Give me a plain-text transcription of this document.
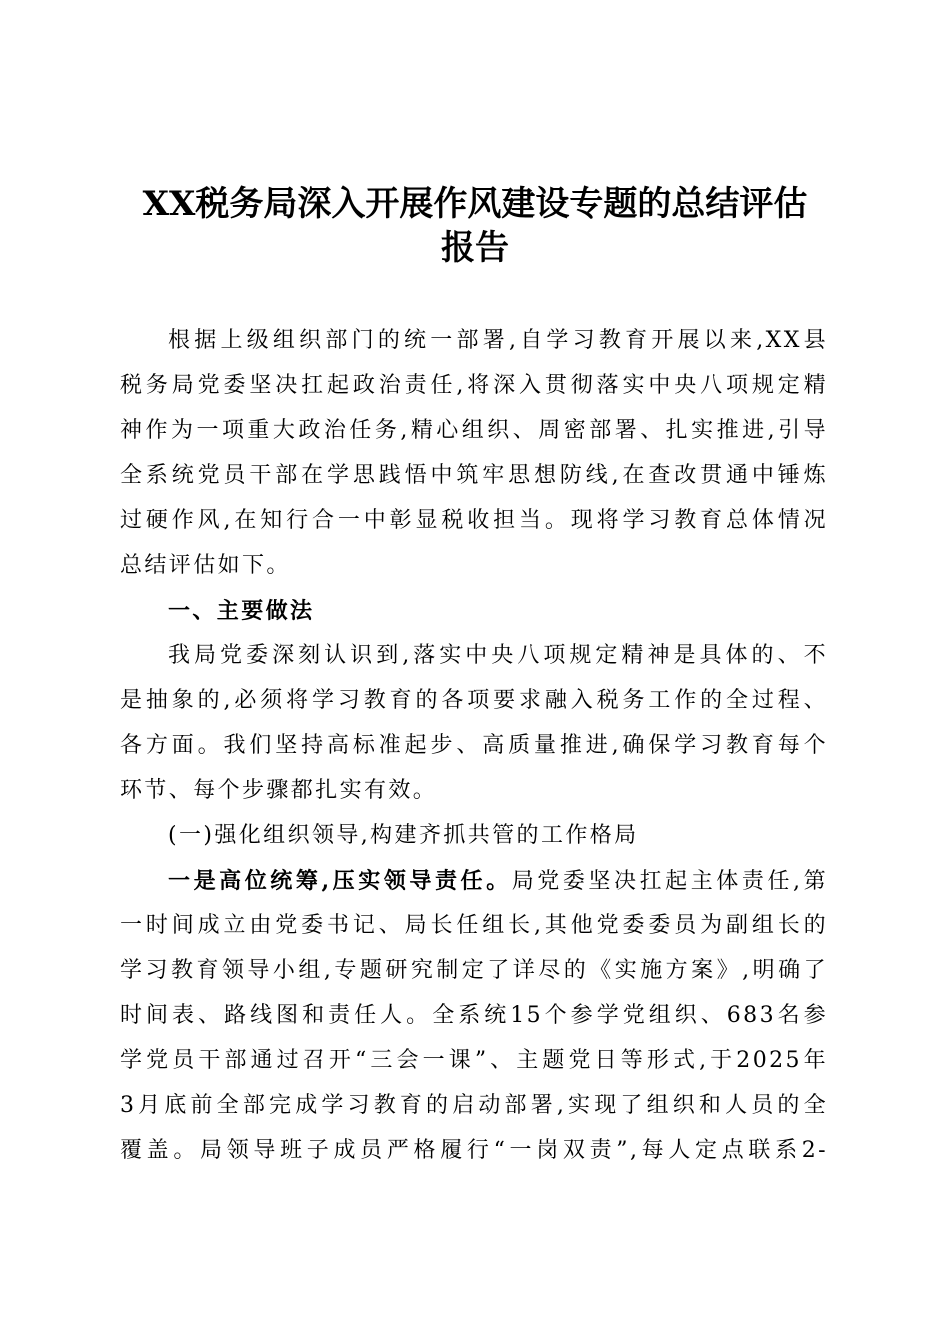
XX税务局深入开展作风建设专题的总结评估
报告

根据上级组织部门的统一部署,自学习教育开展以来,XX县

税务局党委坚决扛起政治责任,将深入贯彻落实中央八项规定精

神作为一项重大政治任务,精心组织、周密部署、扎实推进,引导

全系统党员干部在学思践悟中筑牢思想防线,在查改贯通中锤炼

过硬作风,在知行合一中彰显税收担当。现将学习教育总体情况

总结评估如下。

一、主要做法

我局党委深刻认识到,落实中央八项规定精神是具体的、不

是抽象的,必须将学习教育的各项要求融入税务工作的全过程、

各方面。我们坚持高标准起步、高质量推进,确保学习教育每个

环节、每个步骤都扎实有效。

(一)强化组织领导,构建齐抓共管的工作格局

一是高位统筹,压实领导责任。局党委坚决扛起主体责任,第

一时间成立由党委书记、局长任组长,其他党委委员为副组长的

学习教育领导小组,专题研究制定了详尽的《实施方案》,明确了

时间表、路线图和责任人。全系统15个参学党组织、683名参

学党员干部通过召开“三会一课”、主题党日等形式,于2025年

3月底前全部完成学习教育的启动部署,实现了组织和人员的全

覆盖。局领导班子成员严格履行“一岗双责”,每人定点联系2-
